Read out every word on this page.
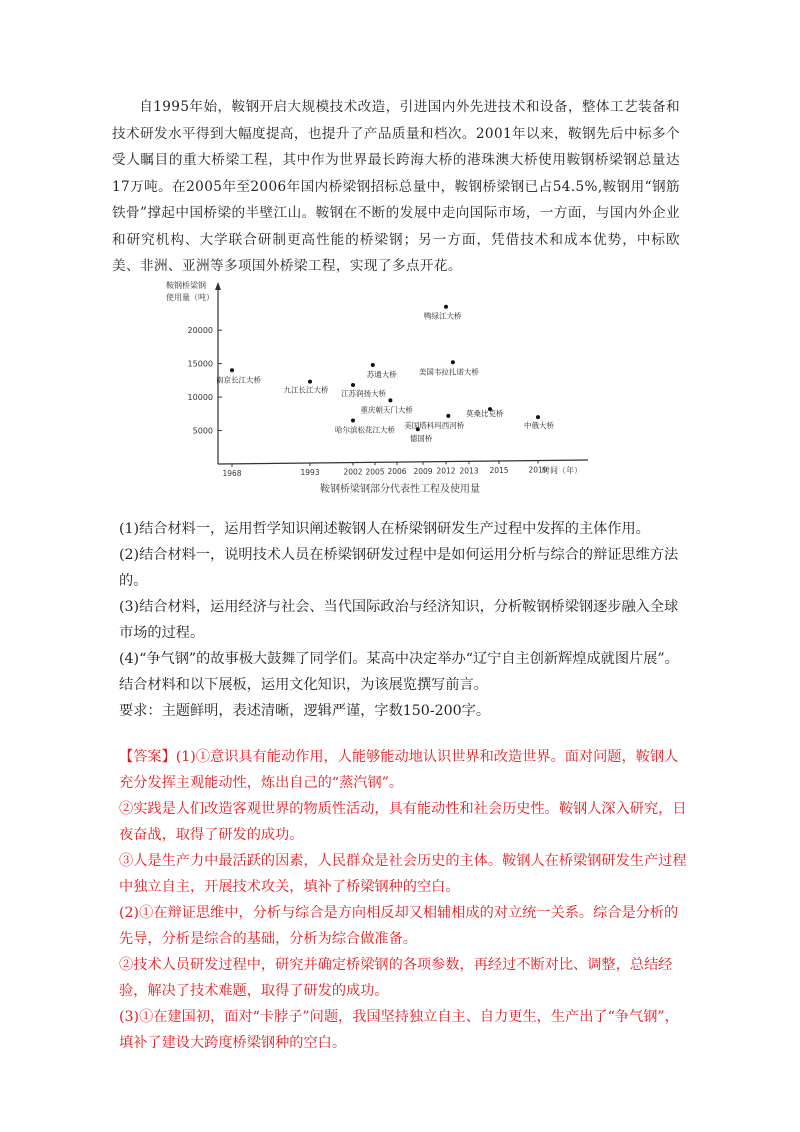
自1995年始，鞍钢开启大规模技术改造，引进国内外先进技术和设备，整体工艺装备和技术研发水平得到大幅度提高，也提升了产品质量和档次。2001年以来，鞍钢先后中标多个受人瞩目的重大桥梁工程，其中作为世界最长跨海大桥的港珠澳大桥使用鞍钢桥梁钢总量达17万吨。在2005年至2006年国内桥梁钢招标总量中，鞍钢桥梁钢已占54.5%,鞍钢用“钢筋铁骨”撑起中国桥梁的半壁江山。鞍钢在不断的发展中走向国际市场，一方面，与国内外企业和研究机构、大学联合研制更高性能的桥梁钢；另一方面，凭借技术和成本优势，中标欧美、非洲、亚洲等多项国外桥梁工程，实现了多点开花。

鞍钢桥梁钢
使用量（吨）
5000
10000
15000
20000
1968	1993	2002 2005 2006 2009 2012 2013 2015	2019
时间（年）
南京长江大桥
九江长江大桥 江苏润扬大桥
哈尔滨松花江大桥
苏通大桥
重庆朝天门大桥
德国桥
鸭绿江大桥
美国韦拉扎诺大桥
美国塔科玛西河桥
莫桑比克桥
中俄大桥
鞍钢桥梁钢部分代表性工程及使用量

(1)结合材料一，运用哲学知识阐述鞍钢人在桥梁钢研发生产过程中发挥的主体作用。

(2)结合材料一，说明技术人员在桥梁钢研发过程中是如何运用分析与综合的辩证思维方法的。

(3)结合材料，运用经济与社会、当代国际政治与经济知识，分析鞍钢桥梁钢逐步融入全球市场的过程。

(4)“争气钢”的故事极大鼓舞了同学们。某高中决定举办“辽宁自主创新辉煌成就图片展”。结合材料和以下展板，运用文化知识，为该展览撰写前言。

要求：主题鲜明，表述清晰，逻辑严谨，字数150-200字。

【答案】(1)①意识具有能动作用，人能够能动地认识世界和改造世界。面对问题，鞍钢人充分发挥主观能动性，炼出自己的“蒸汽钢”。

②实践是人们改造客观世界的物质性活动，具有能动性和社会历史性。鞍钢人深入研究，日夜奋战，取得了研发的成功。

③人是生产力中最活跃的因素，人民群众是社会历史的主体。鞍钢人在桥梁钢研发生产过程中独立自主，开展技术攻关，填补了桥梁钢种的空白。

(2)①在辩证思维中，分析与综合是方向相反却又相辅相成的对立统一关系。综合是分析的先导，分析是综合的基础，分析为综合做准备。

②技术人员研发过程中，研究并确定桥梁钢的各项参数，再经过不断对比、调整，总结经验，解决了技术难题，取得了研发的成功。

(3)①在建国初，面对“卡脖子”问题，我国坚持独立自主、自力更生，生产出了“争气钢”，填补了建设大跨度桥梁钢种的空白。
